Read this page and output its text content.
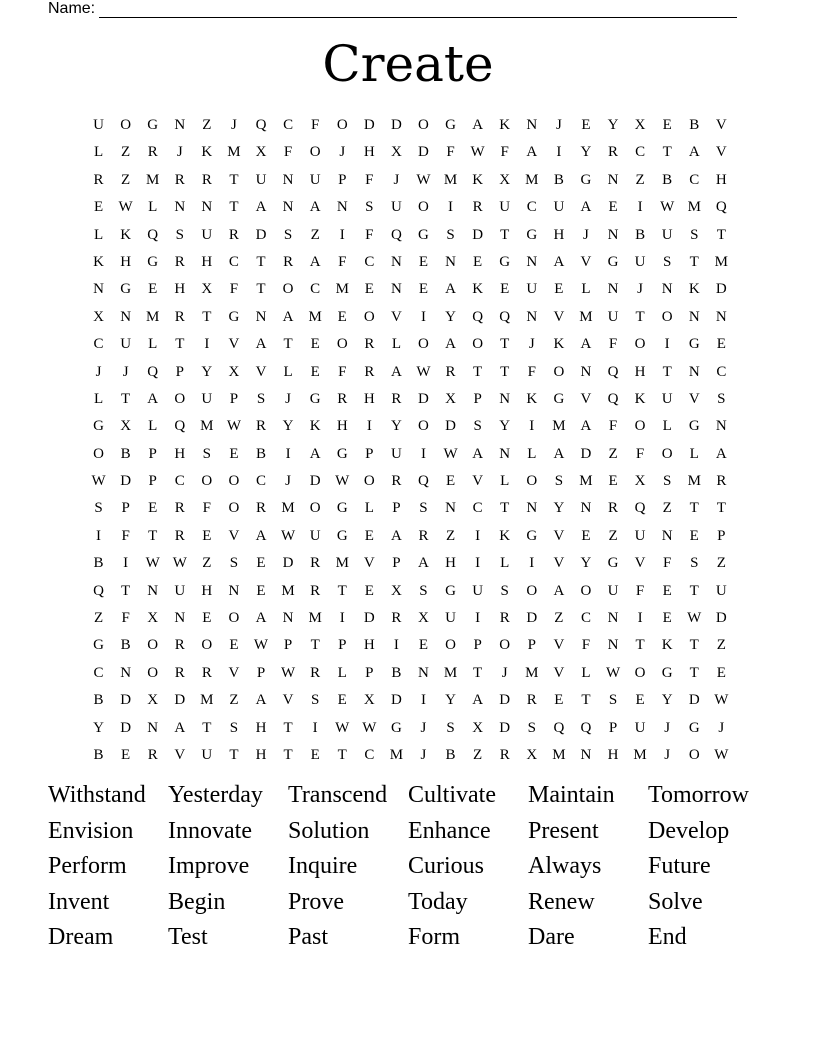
Name:
Create
U	O	G	N	Z	J	Q	C	F	O	D	D	O	G	A	K	N	J	E	Y	X	E	B	V
L	Z	R	J	K M X	F	O	J	H	X	D	F	W	F	A	I	Y	R	C	T	A	V
R	Z	M	R	R	T	U	N	U	P	F	J	W M K	X M	B	G	N	Z	B	C	H
E	W	L	N	N	T	A	N	A	N	S	U	O	I	R	U	C	U	A	E	I	W M Q
L	K	Q	S	U	R	D	S	Z	I	F	Q	G	S	D	T	G	H	J	N	B	U	S	T
K	H	G	R	H	C	T	R	A	F	C	N	E	N	E	G	N	A	V	G	U	S	T	M
N	G	E	H	X	F	T	O	C	M	E	N	E	A	K	E	U	E	L	N	J	N	K	D
X	N M	R	T	G	N	A M	E	O	V	I	Y	Q	Q	N	V M U	T	O	N	N
C	U	L	T	I	V	A	T	E	O	R	L	O	A	O	T	J	K	A	F	O	I	G	E
J	J	Q	P	Y	X	V	L	E	F	R	A W R	T	T	F	O	N	Q	H	T	N	C
L	T	A	O	U	P	S	J	G	R	H	R	D	X	P	N	K	G	V	Q	K	U	V	S
G	X	L	Q M W R	Y	K	H	I	Y	O	D	S	Y	I	M A	F	O	L	G	N
O	B	P	H	S	E	B	I	A	G	P	U	I	W A	N	L	A	D	Z	F	O	L	A
W D	P	C	O	O	C	J	D W O	R	Q	E	V	L	O	S	M	E	X	S	M	R
S	P	E	R	F	O	R	M O	G	L	P	S	N	C	T	N	Y	N	R	Q	Z	T	T
I	F	T	R	E	V	A W U	G	E	A	R	Z	I	K	G	V	E	Z	U	N	E	P
B	I	W W	Z	S	E	D	R	M V	P	A	H	I	L	I	V	Y	G	V	F	S	Z
Q	T	N	U	H	N	E	M	R	T	E	X	S	G	U	S	O	A	O	U	F	E	T	U
Z	F	X	N	E	O	A	N M	I	D	R	X	U	I	R	D	Z	C	N	I	E	W D
G	B	O	R	O	E	W	P	T	P	H	I	E	O	P	O	P	V	F	N	T	K	T	Z
C	N	O	R	R	V	P	W R	L	P	B	N M	T	J	M V	L	W O	G	T	E
B	D	X	D M	Z	A	V	S	E	X	D	I	Y	A	D	R	E	T	S	E	Y	D W
Y	D	N	A	T	S	H	T	I	W W G	J	S	X	D	S	Q	Q	P	U	J	G	J
B	E	R	V	U	T	H	T	E	T	C	M	J	B	Z	R	X M N	H M	J	O W
Withstand Yesterday	Transcend Cultivate	Maintain	Tomorrow
Envision	Innovate	Solution	Enhance	Present	Develop
Perform	Improve	Inquire	Curious	Always	Future
Invent	Begin	Prove	Today	Renew	Solve
Dream	Test	Past	Form	Dare	End
